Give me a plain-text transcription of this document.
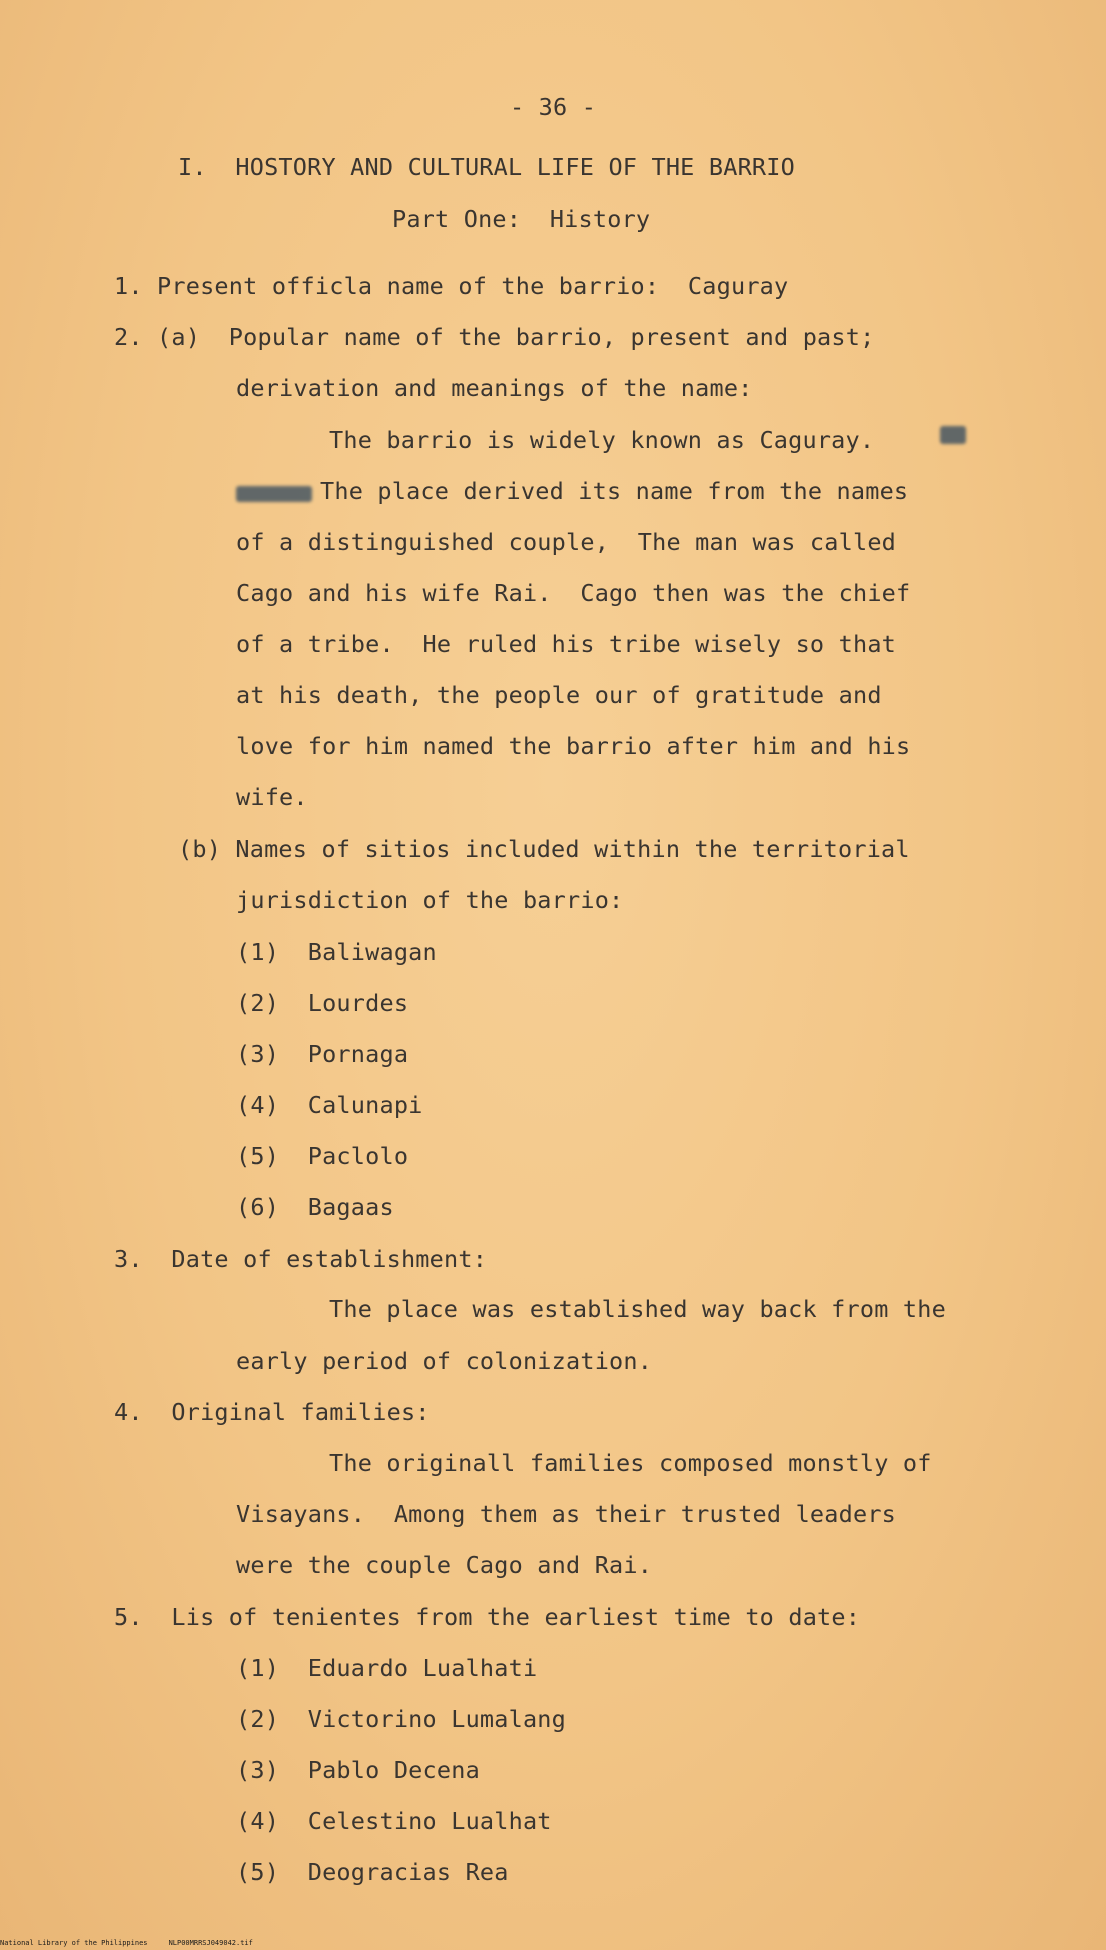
- 36 -
I.  HOSTORY AND CULTURAL LIFE OF THE BARRIO
Part One:  History
1. Present officla name of the barrio:  Caguray
2. (a)  Popular name of the barrio, present and past;
derivation and meanings of the name:
The barrio is widely known as Caguray.
The place derived its name from the names
of a distinguished couple,  The man was called
Cago and his wife Rai.  Cago then was the chief
of a tribe.  He ruled his tribe wisely so that
at his death, the people our of gratitude and
love for him named the barrio after him and his
wife.
(b) Names of sitios included within the territorial
jurisdiction of the barrio:
(1)  Baliwagan
(2)  Lourdes
(3)  Pornaga
(4)  Calunapi
(5)  Paclolo
(6)  Bagaas
3.  Date of establishment:
The place was established way back from the
early period of colonization.
4.  Original families:
The originall families composed monstly of
Visayans.  Among them as their trusted leaders
were the couple Cago and Rai.
5.  Lis of tenientes from the earliest time to date:
(1)  Eduardo Lualhati
(2)  Victorino Lumalang
(3)  Pablo Decena
(4)  Celestino Lualhat
(5)  Deogracias Rea
National Library of the Philippines     NLP00MRRSJ049042.tif
